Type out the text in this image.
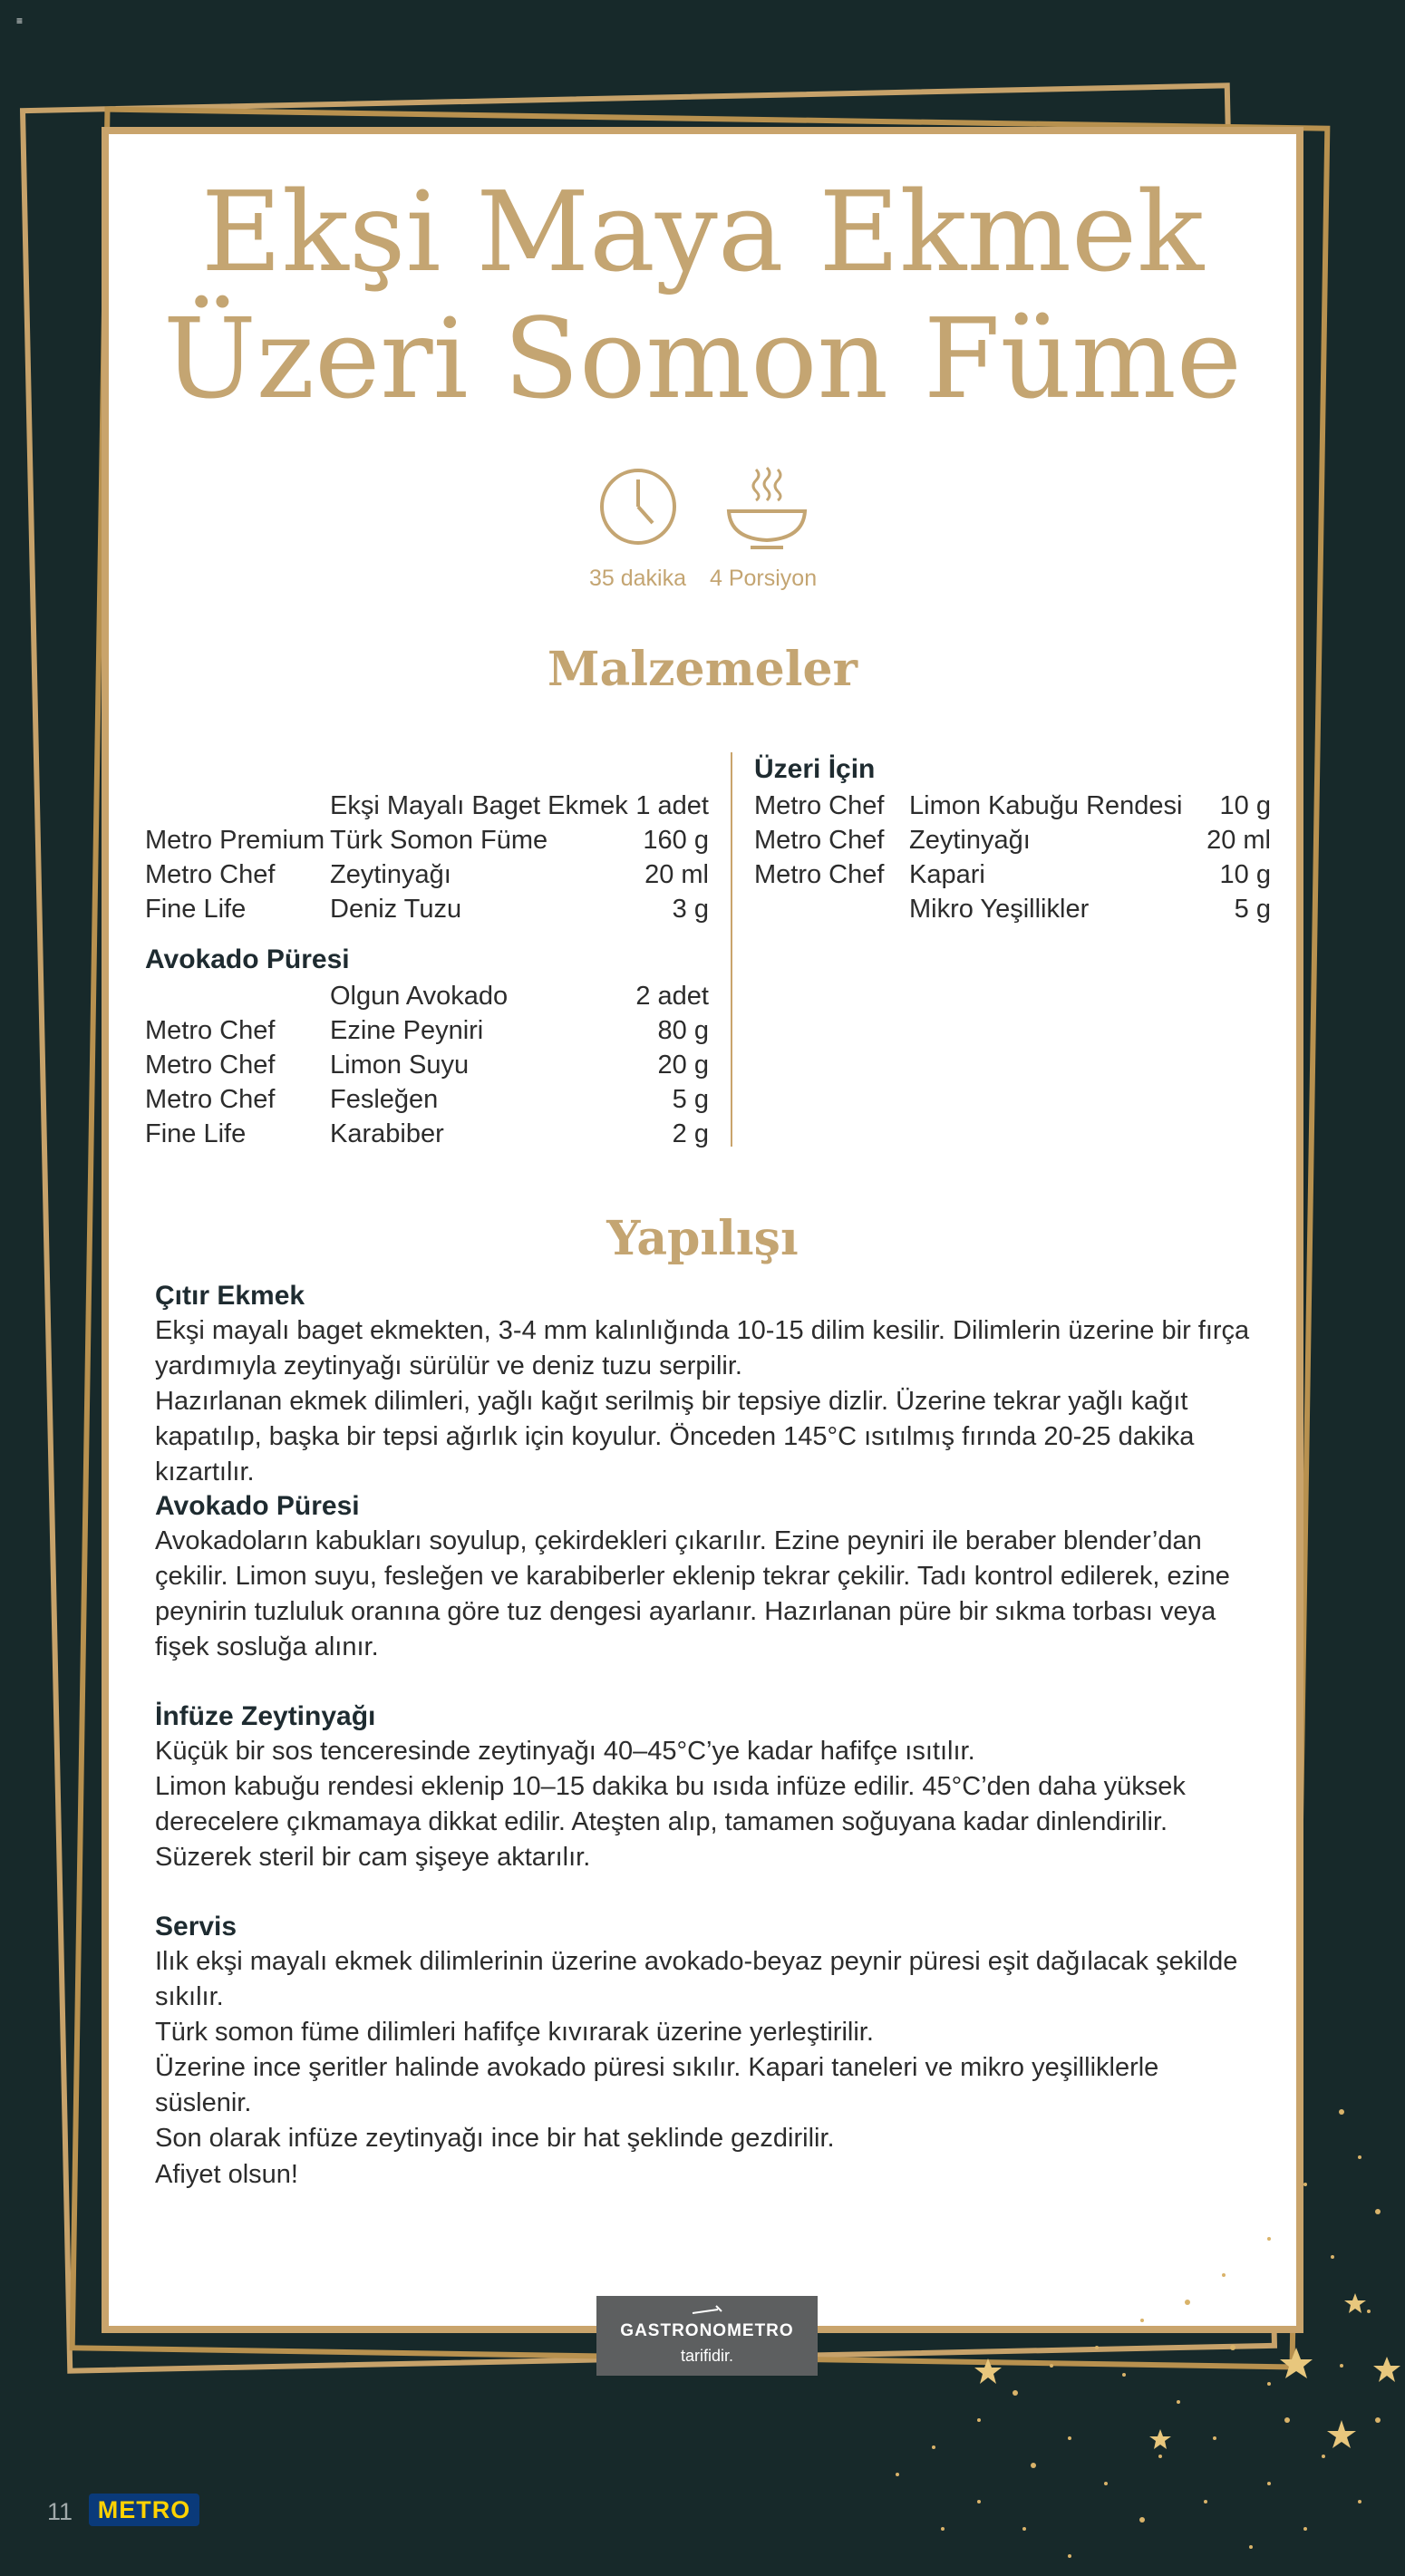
≡
Ekşi Maya Ekmek
Üzeri Somon Füme
35 dakika 4 Porsiyon
Malzemeler
Ekşi Mayalı Baget Ekmek 1 adet
Metro Premium Türk Somon Füme	160 g
Metro Chef Zeytinyağı	20 ml
Fine Life	Deniz Tuzu	3 g
Avokado Püresi
Olgun Avokado	2 adet
Metro Chef Ezine Peyniri	80 g
Metro Chef Limon Suyu	20 g
Metro Chef Fesleğen	5 g
Fine Life	Karabiber	2 g
Üzeri İçin
Metro Chef Limon Kabuğu Rendesi	10 g
Metro Chef Zeytinyağı	20 ml
Metro Chef Kapari	10 g
Mikro Yeşillikler	5 g
Yapılışı
Çıtır Ekmek

Ekşi mayalı baget ekmekten, 3-4 mm kalınlığında 10-15 dilim kesilir. Dilimlerin üzerine bir fırça yardımıyla zeytinyağı sürülür ve deniz tuzu serpilir.

Hazırlanan ekmek dilimleri, yağlı kağıt serilmiş bir tepsiye dizlir. Üzerine tekrar yağlı kağıt kapatılıp, başka bir tepsi ağırlık için koyulur. Önceden 145°C ısıtılmış fırında 20-25 dakika kızartılır.

Avokado Püresi

Avokadoların kabukları soyulup, çekirdekleri çıkarılır. Ezine peyniri ile beraber blender’dan çekilir. Limon suyu, fesleğen ve karabiberler eklenip tekrar çekilir. Tadı kontrol edilerek, ezine peynirin tuzluluk oranına göre tuz dengesi ayarlanır. Hazırlanan püre bir sıkma torbası veya fişek sosluğa alınır.

İnfüze Zeytinyağı

Küçük bir sos tenceresinde zeytinyağı 40–45°C’ye kadar hafifçe ısıtılır.

Limon kabuğu rendesi eklenip 10–15 dakika bu ısıda infüze edilir. 45°C’den daha yüksek derecelere çıkmamaya dikkat edilir. Ateşten alıp, tamamen soğuyana kadar dinlendirilir. Süzerek steril bir cam şişeye aktarılır.

Servis

Ilık ekşi mayalı ekmek dilimlerinin üzerine avokado-beyaz peynir püresi eşit dağılacak şekilde sıkılır.

Türk somon füme dilimleri hafifçe kıvırarak üzerine yerleştirilir.

Üzerine ince şeritler halinde avokado püresi sıkılır. Kapari taneleri ve mikro yeşilliklerle süslenir.

Son olarak infüze zeytinyağı ince bir hat şeklinde gezdirilir.

Afiyet olsun!
GASTRONOMETRO
tarifidir.
11 METRO
